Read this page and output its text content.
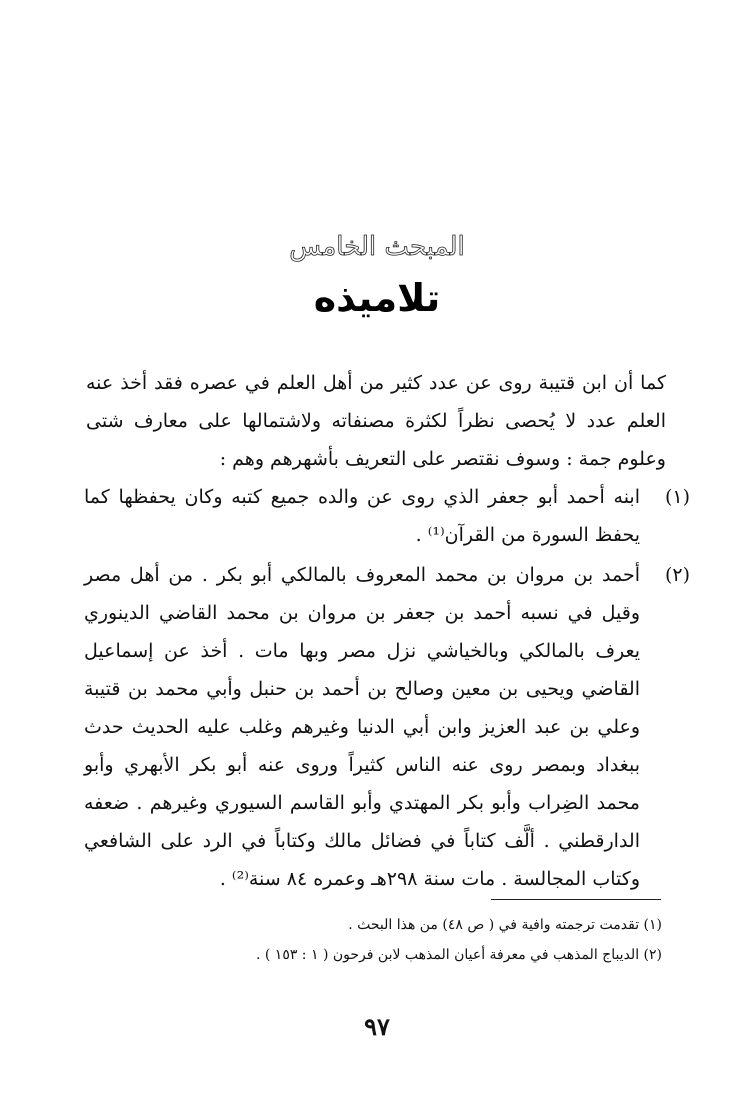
المبحث الخامس
تلاميذه

كما أن ابن قتيبة روى عن عدد كثير من أهل العلم في عصره فقد أخذ عنه العلم عدد لا يُحصى نظراً لكثرة مصنفاته ولاشتمالها على معارف شتى وعلوم جمة : وسوف نقتصر على التعريف بأشهرهم وهم :

(١)
ابنه أحمد أبو جعفر الذي روى عن والده جميع كتبه وكان يحفظها كما يحفظ السورة من القرآن⁽¹⁾ .
(٢)
أحمد بن مروان بن محمد المعروف بالمالكي أبو بكر . من أهل مصر وقيل في نسبه أحمد بن جعفر بن مروان بن محمد القاضي الدينوري يعرف بالمالكي وبالخياشي نزل مصر وبها مات . أخذ عن إسماعيل القاضي ويحيى بن معين وصالح بن أحمد بن حنبل وأبي محمد بن قتيبة وعلي بن عبد العزيز وابن أبي الدنيا وغيرهم وغلب عليه الحديث حدث ببغداد وبمصر روى عنه الناس كثيراً وروى عنه أبو بكر الأبهري وأبو محمد الضِراب وأبو بكر المهتدي وأبو القاسم السيوري وغيرهم . ضعفه الدارقطني . ألَّف كتاباً في فضائل مالك وكتاباً في الرد على الشافعي وكتاب المجالسة . مات سنة ٢٩٨هـ وعمره ٨٤ سنة⁽²⁾ .
(١) تقدمت ترجمته وافية في ( ص ٤٨) من هذا البحث .
(٢) الديباج المذهب في معرفة أعيان المذهب لابن فرحون ( ١ : ١٥٣ ) .
٩٧
